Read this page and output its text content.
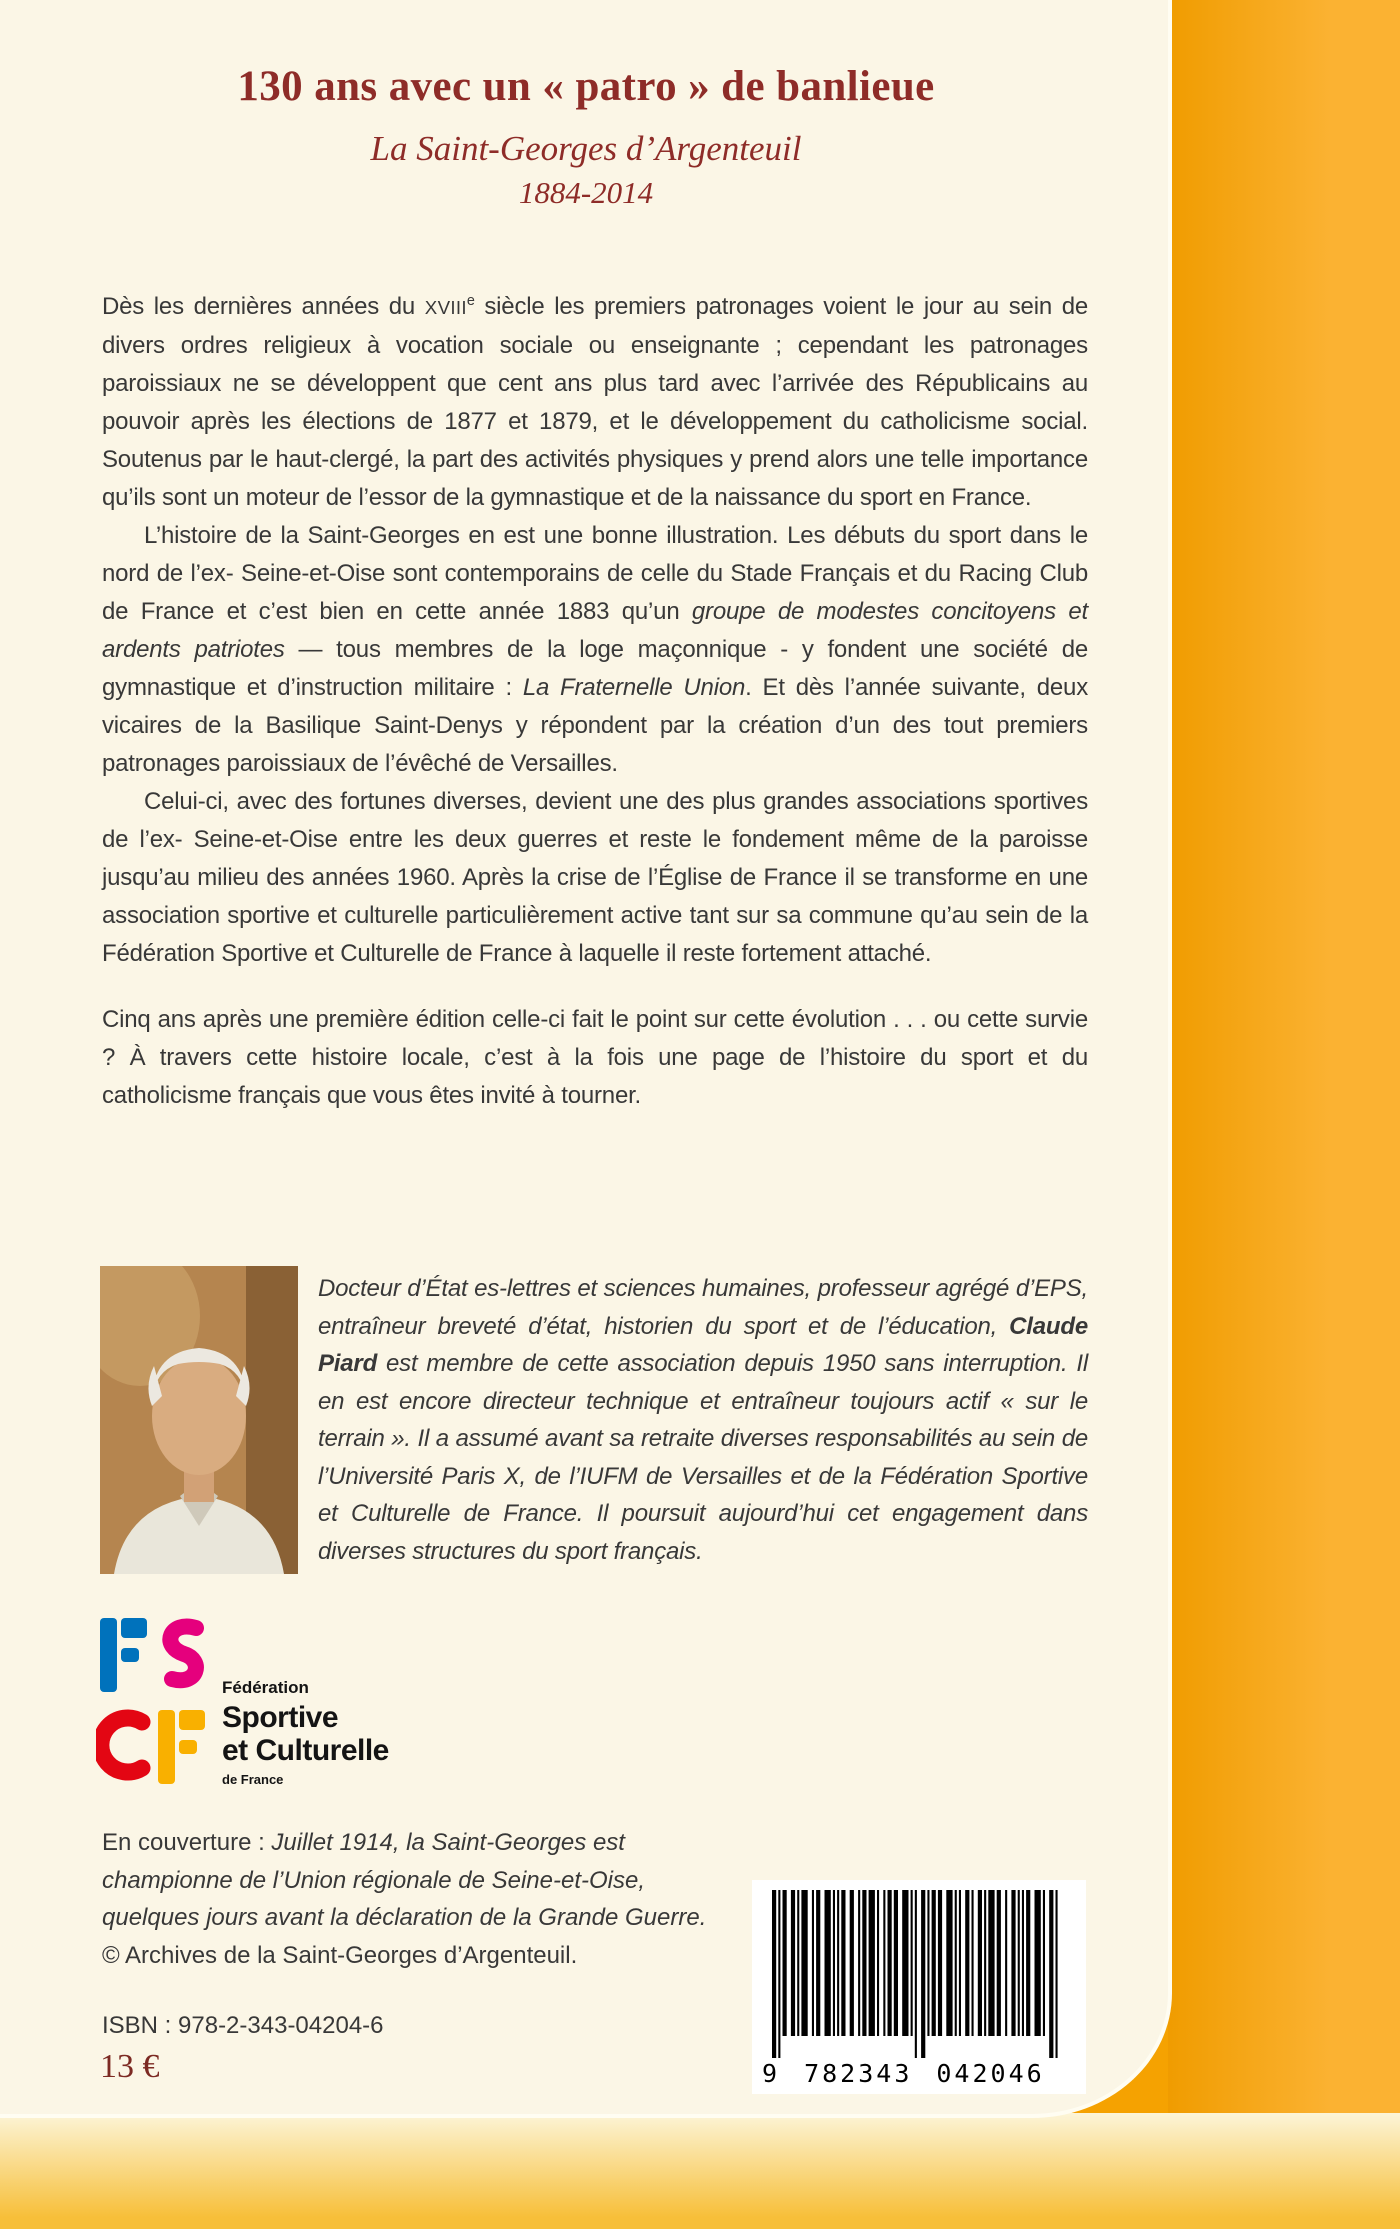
130 ans avec un « patro » de banlieue
La Saint-Georges d’Argenteuil
1884-2014

Dès les dernières années du XVIIIe siècle les premiers patronages voient le jour au sein de divers ordres religieux à vocation sociale ou enseignante ; cependant les patronages paroissiaux ne se développent que cent ans plus tard avec l’arrivée des Républicains au pouvoir après les élections de 1877 et 1879, et le développement du catholicisme social. Soutenus par le haut-clergé, la part des activités physiques y prend alors une telle importance qu’ils sont un moteur de l’essor de la gymnastique et de la naissance du sport en France.

L’histoire de la Saint-Georges en est une bonne illustration. Les débuts du sport dans le nord de l’ex- Seine-et-Oise sont contemporains de celle du Stade Français et du Racing Club de France et c’est bien en cette année 1883 qu’un groupe de modestes concitoyens et ardents patriotes — tous membres de la loge maçonnique - y fondent une société de gymnastique et d’instruction militaire : La Fraternelle Union. Et dès l’année suivante, deux vicaires de la Basilique Saint-Denys y répondent par la création d’un des tout premiers patronages paroissiaux de l’évêché de Versailles.

Celui-ci, avec des fortunes diverses, devient une des plus grandes associations sportives de l’ex- Seine-et-Oise entre les deux guerres et reste le fondement même de la paroisse jusqu’au milieu des années 1960. Après la crise de l’Église de France il se transforme en une association sportive et culturelle particulièrement active tant sur sa commune qu’au sein de la Fédération Sportive et Culturelle de France à laquelle il reste fortement attaché.

Cinq ans après une première édition celle-ci fait le point sur cette évolution . . . ou cette survie ? À travers cette histoire locale, c’est à la fois une page de l’histoire du sport et du catholicisme français que vous êtes invité à tourner.

Docteur d’État es-lettres et sciences humaines, professeur agrégé d’EPS, entraîneur breveté d’état, historien du sport et de l’éducation, Claude Piard est membre de cette association depuis 1950 sans interruption. Il en est encore directeur technique et entraîneur toujours actif « sur le terrain ». Il a assumé avant sa retraite diverses responsabilités au sein de l’Université Paris X, de l’IUFM de Versailles et de la Fédération Sportive et Culturelle de France. Il poursuit aujourd’hui cet engagement dans diverses structures du sport français.
Fédération
Sportive
et Culturelle
de France
En couverture : Juillet 1914, la Saint-Georges est championne de l’Union régionale de Seine-et-Oise, quelques jours avant la déclaration de la Grande Guerre.
© Archives de la Saint-Georges d’Argenteuil.
ISBN : 978-2-343-04204-6
13 €	9 782343 042046
